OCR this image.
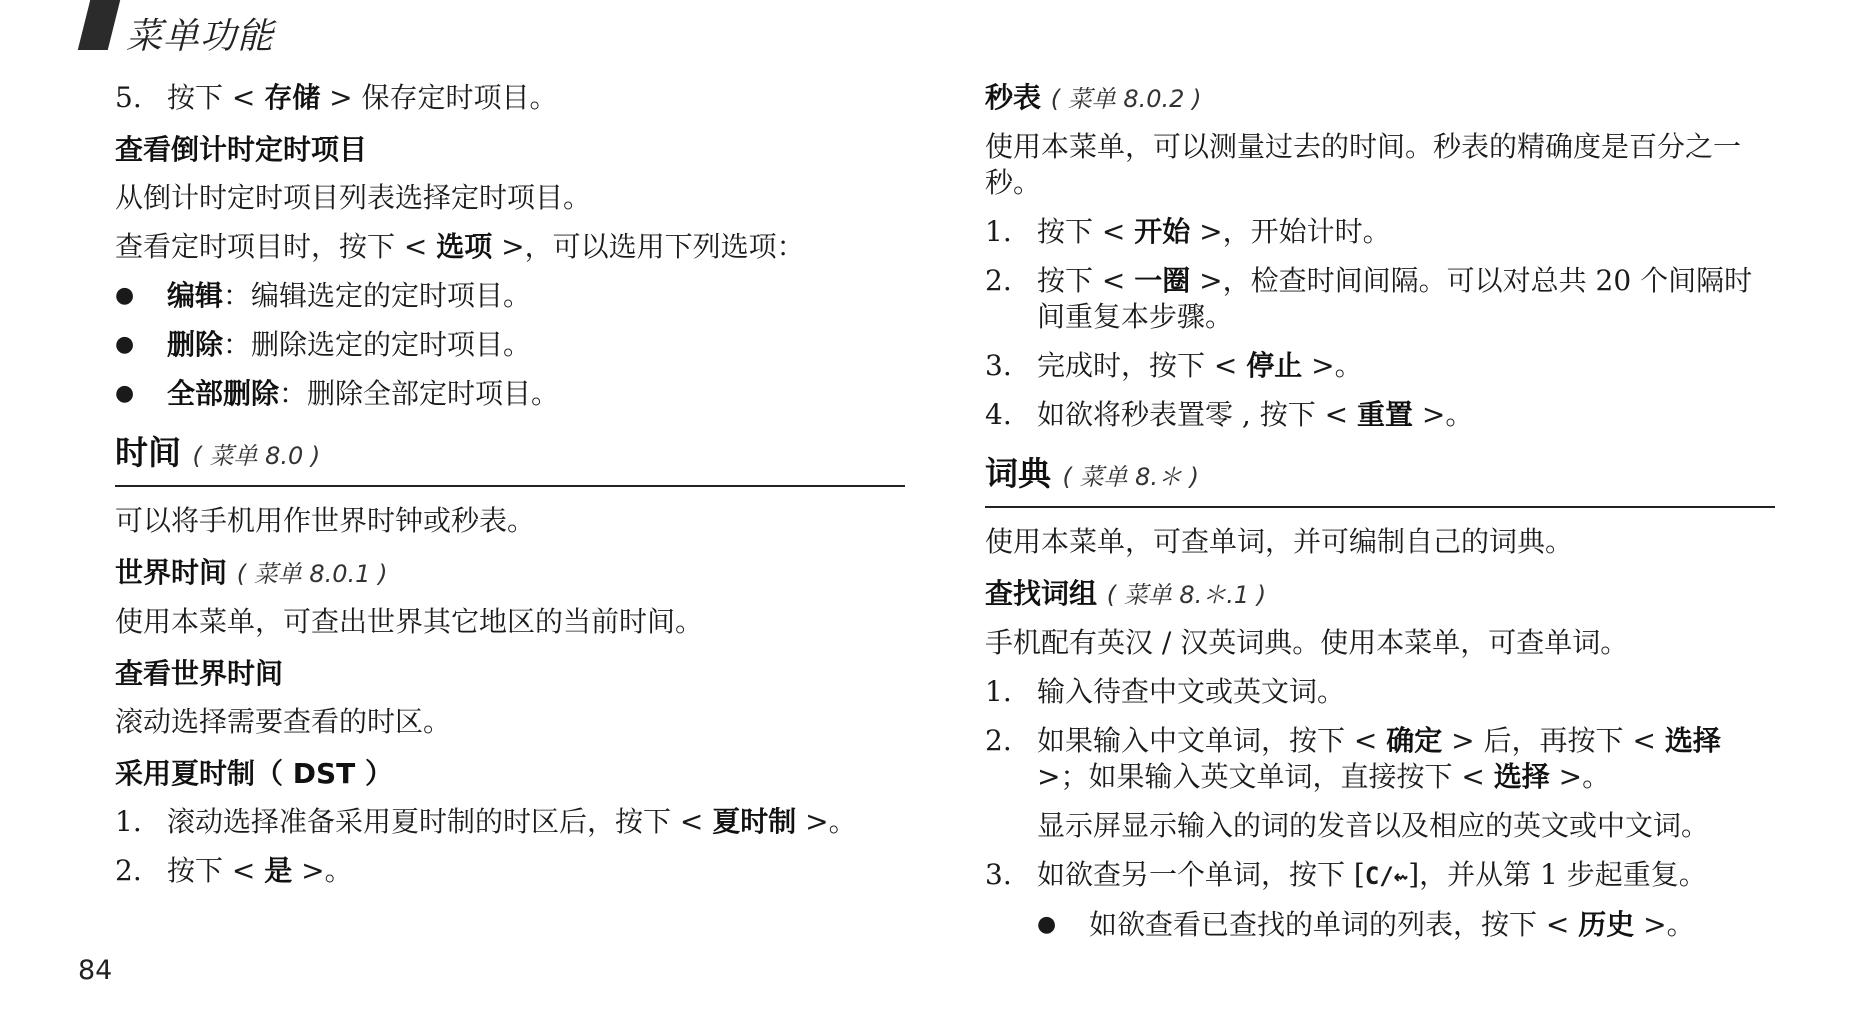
菜单功能
5. 按下 < 存储 > 保存定时项目。
查看倒计时定时项目
从倒计时定时项目列表选择定时项目。
查看定时项目时，按下 < 选项 >，可以选用下列选项：
●	编辑：编辑选定的定时项目。
●	删除：删除选定的定时项目。
●	全部删除：删除全部定时项目。
时间 ( 菜单 8.0 )
可以将手机用作世界时钟或秒表。
世界时间 ( 菜单 8.0.1 )
使用本菜单，可查出世界其它地区的当前时间。
查看世界时间
滚动选择需要查看的时区。
采用夏时制（ DST ）
1. 滚动选择准备采用夏时制的时区后，按下 < 夏时制 >。
2. 按下 < 是 >。
秒表 ( 菜单 8.0.2 )
使用本菜单，可以测量过去的时间。秒表的精确度是百分之一秒。
1. 按下 < 开始 >，开始计时。
2. 按下 < 一圈 >，检查时间间隔。可以对总共 20 个间隔时间重复本步骤。
3. 完成时，按下 < 停止 >。
4. 如欲将秒表置零 , 按下 < 重置 >。
词典 ( 菜单 8.＊ )
使用本菜单，可查单词，并可编制自己的词典。
查找词组 ( 菜单 8.＊.1 )
手机配有英汉 / 汉英词典。使用本菜单，可查单词。
1. 输入待查中文或英文词。
2. 如果输入中文单词，按下 < 确定 > 后，再按下 < 选择 >；如果输入英文单词，直接按下 < 选择 >。
显示屏显示输入的词的发音以及相应的英文或中文词。
3. 如欲查另一个单词，按下 [C/⇜]，并从第 1 步起重复。
●	如欲查看已查找的单词的列表，按下 < 历史 >。
84
